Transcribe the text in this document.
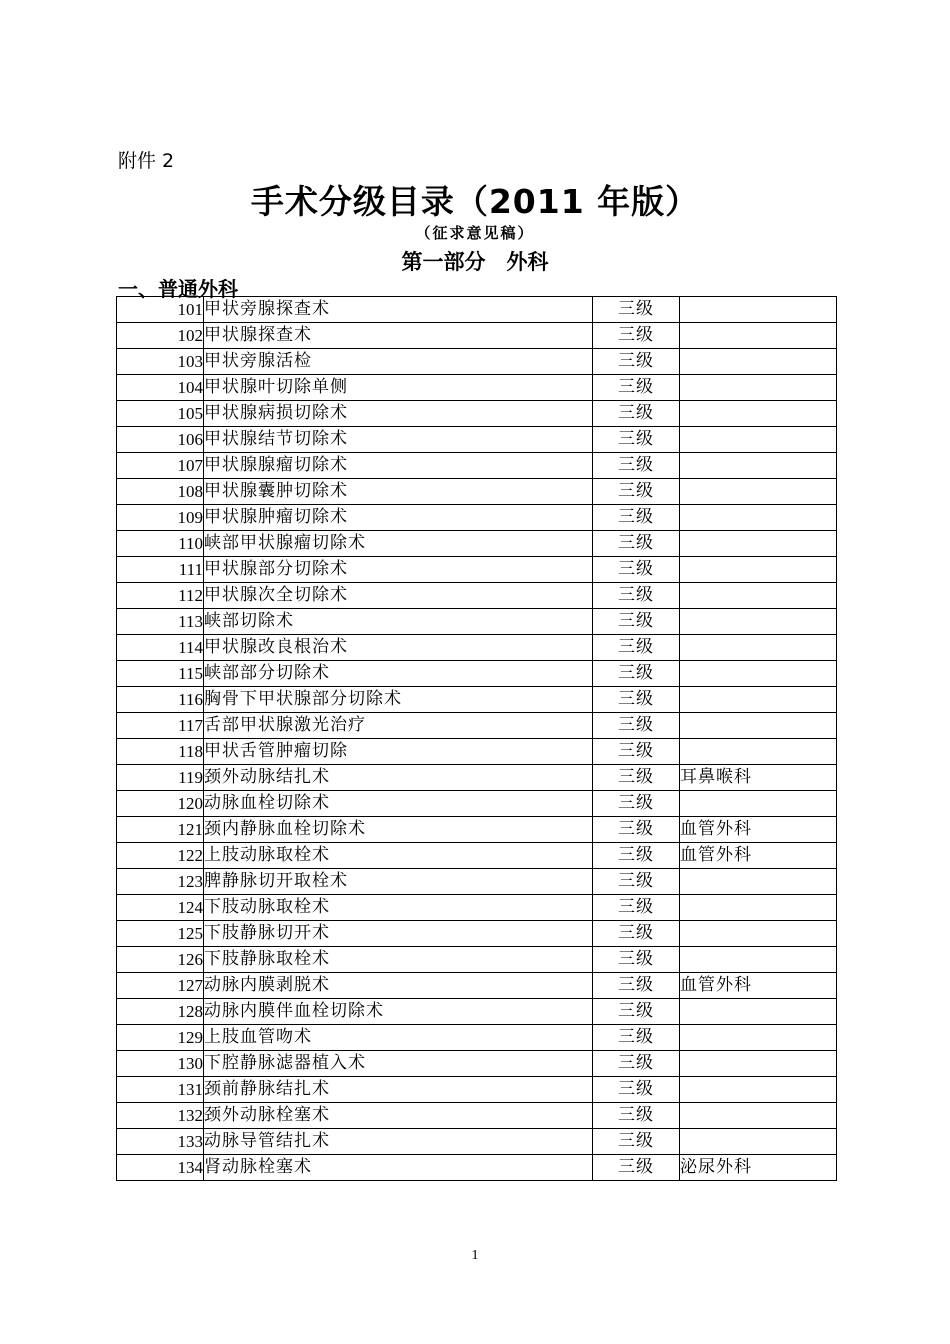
附件 2
手术分级目录（2011 年版）
（征求意见稿）
第一部分　外科
一、普通外科
101	甲状旁腺探查术	三级	
102	甲状腺探查术	三级	
103	甲状旁腺活检	三级	
104	甲状腺叶切除单侧	三级	
105	甲状腺病损切除术	三级	
106	甲状腺结节切除术	三级	
107	甲状腺腺瘤切除术	三级	
108	甲状腺囊肿切除术	三级	
109	甲状腺肿瘤切除术	三级	
110	峡部甲状腺瘤切除术	三级	
111	甲状腺部分切除术	三级	
112	甲状腺次全切除术	三级	
113	峡部切除术	三级	
114	甲状腺改良根治术	三级	
115	峡部部分切除术	三级	
116	胸骨下甲状腺部分切除术	三级	
117	舌部甲状腺激光治疗	三级	
118	甲状舌管肿瘤切除	三级	
119	颈外动脉结扎术	三级	耳鼻喉科
120	动脉血栓切除术	三级	
121	颈内静脉血栓切除术	三级	血管外科
122	上肢动脉取栓术	三级	血管外科
123	脾静脉切开取栓术	三级	
124	下肢动脉取栓术	三级	
125	下肢静脉切开术	三级	
126	下肢静脉取栓术	三级	
127	动脉内膜剥脱术	三级	血管外科
128	动脉内膜伴血栓切除术	三级	
129	上肢血管吻术	三级	
130	下腔静脉滤器植入术	三级	
131	颈前静脉结扎术	三级	
132	颈外动脉栓塞术	三级	
133	动脉导管结扎术	三级	
134	肾动脉栓塞术	三级	泌尿外科
1
